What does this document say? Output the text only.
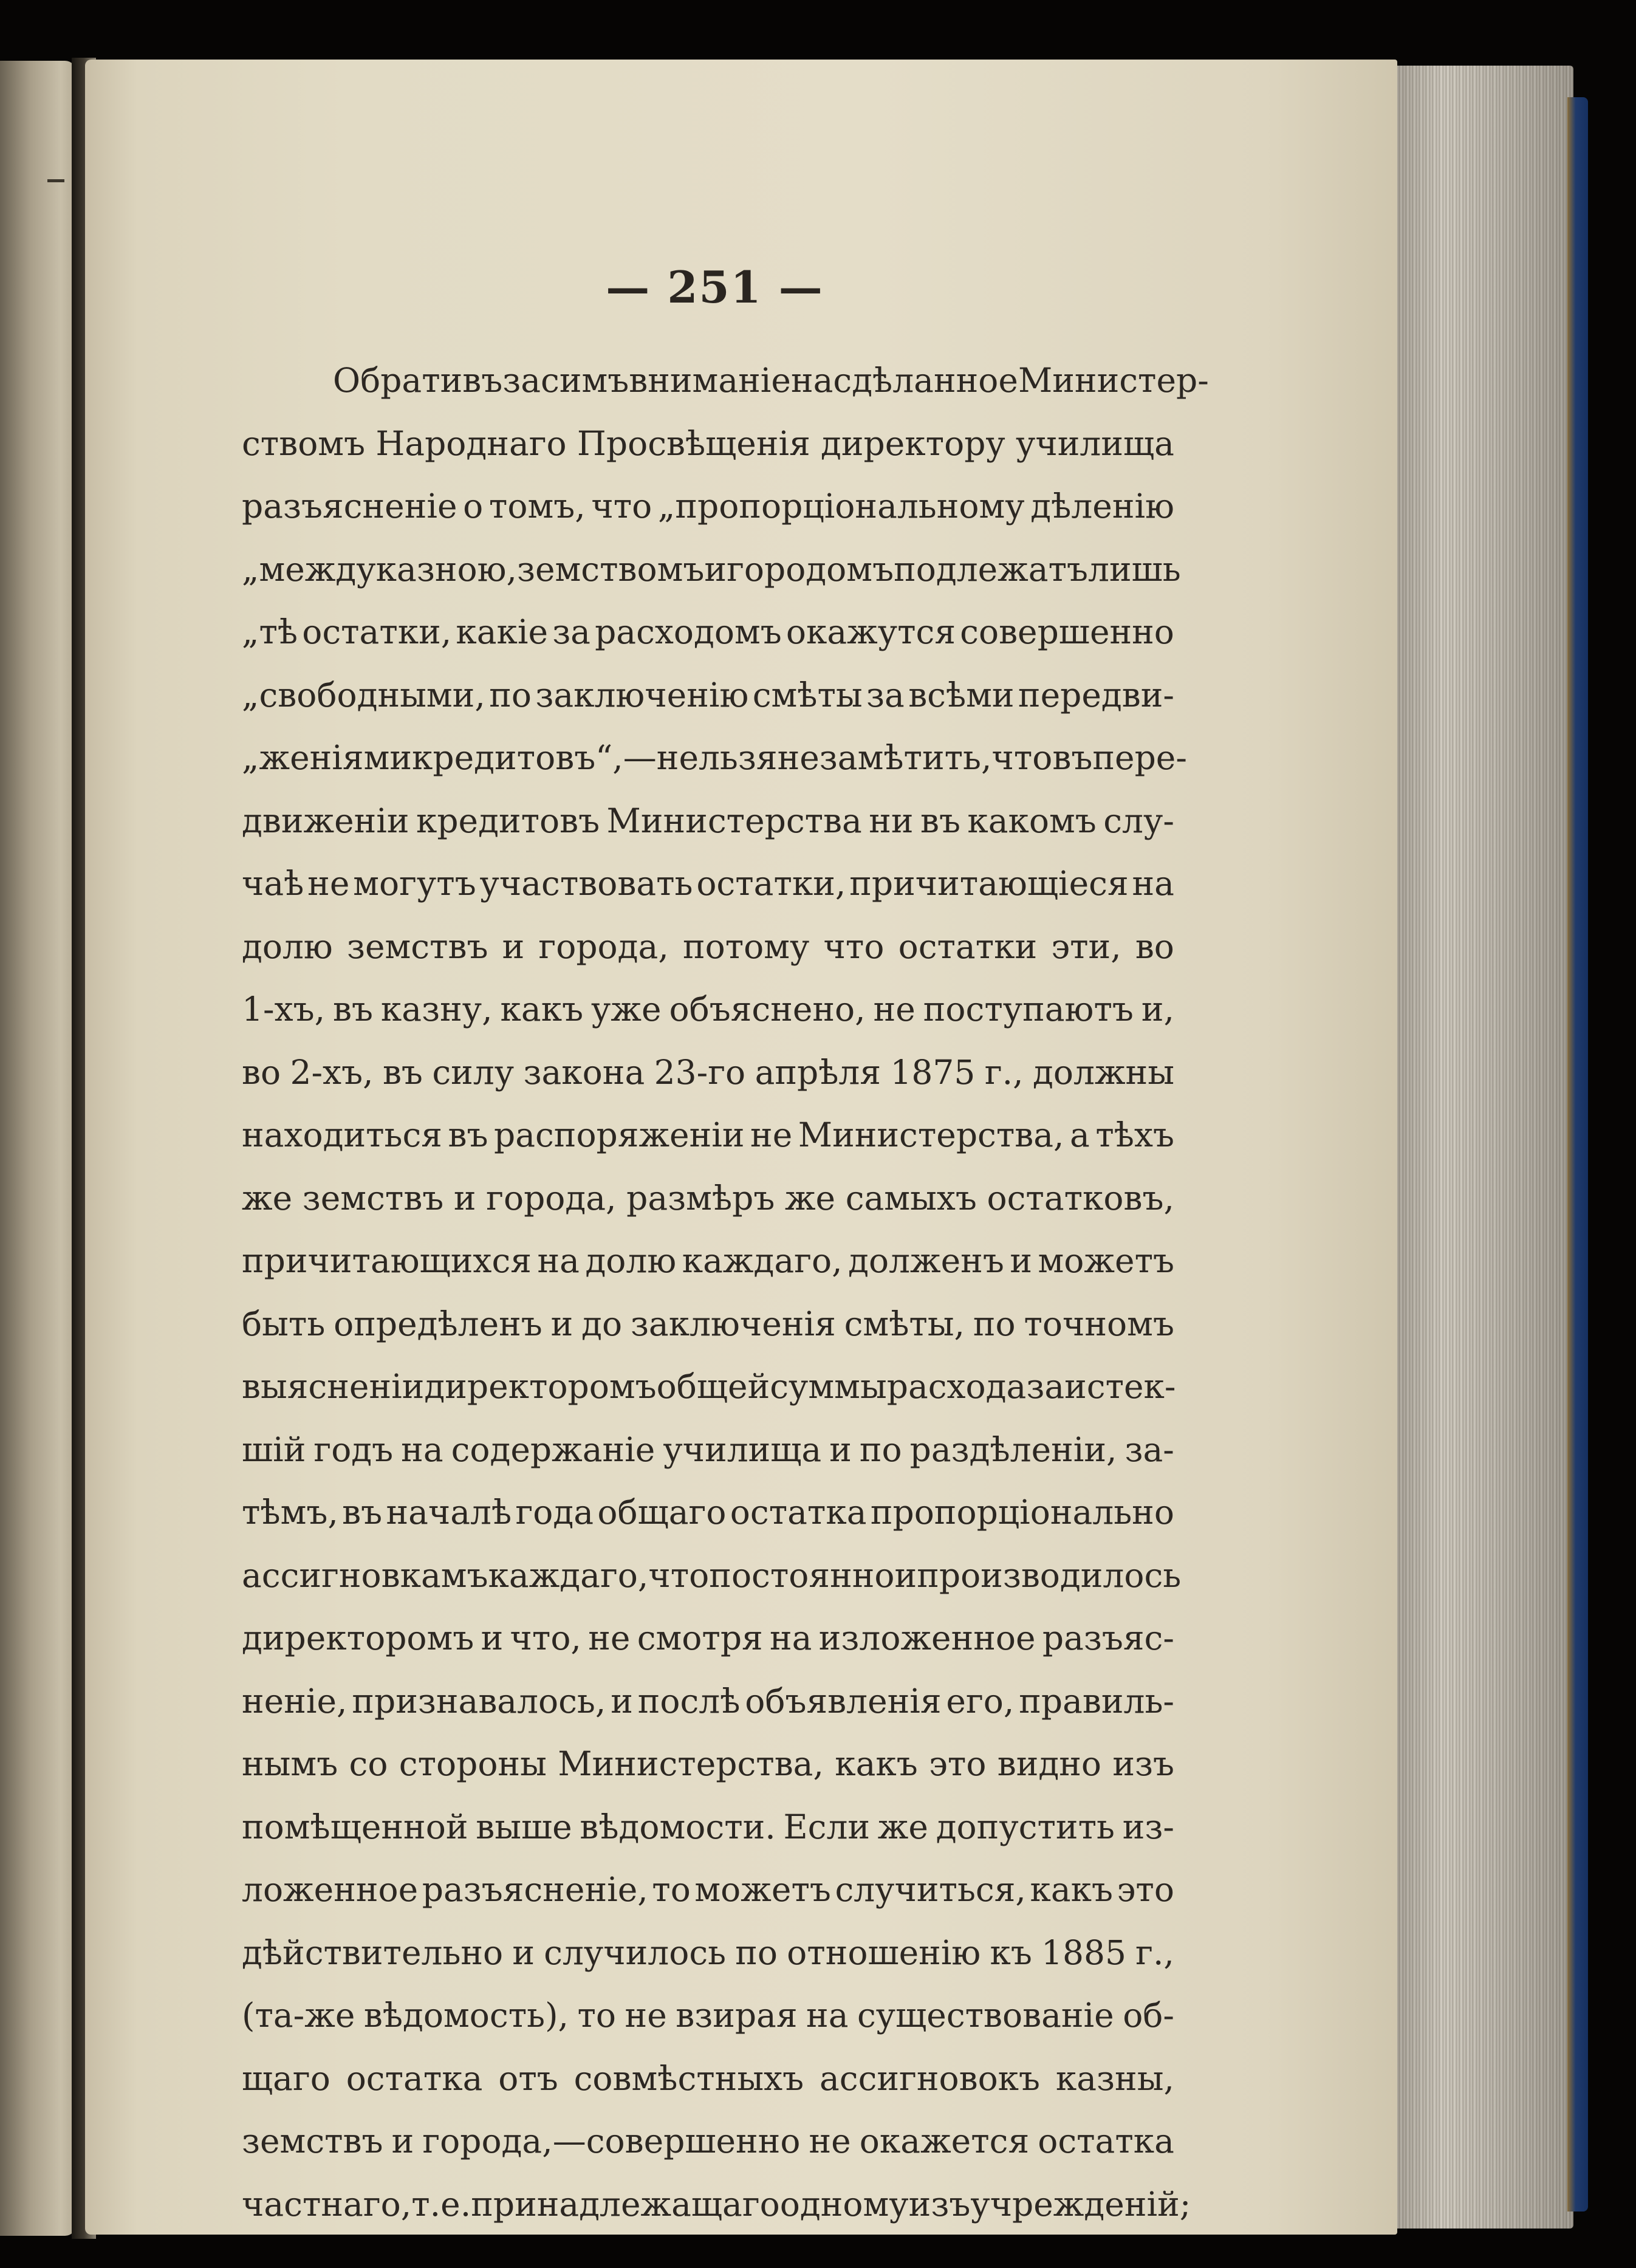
— 251 —
Обративъ за симъ вниманіе на сдѣланное Министер-
ствомъ Народнаго Просвѣщенія директору училища
разъясненіе о томъ, что „пропорціональному дѣленію
„между казною, земствомъ и городомъ подлежатъ лишь
„тѣ остатки, какіе за расходомъ окажутся совершенно
„свободными, по заключенію смѣты за всѣми передви-
„женіями кредитовъ“,—нельзя не замѣтить, что въ пере-
движеніи кредитовъ Министерства ни въ какомъ слу-
чаѣ не могутъ участвовать остатки, причитающіеся на
долю земствъ и города, потому что остатки эти, во
1-хъ, въ казну, какъ уже объяснено, не поступаютъ и,
во 2-хъ, въ силу закона 23-го апрѣля 1875 г., должны
находиться въ распоряженіи не Министерства, а тѣхъ
же земствъ и города, размѣръ же самыхъ остатковъ,
причитающихся на долю каждаго, долженъ и можетъ
быть опредѣленъ и до заключенія смѣты, по точномъ
выясненіи директоромъ общей суммы расхода за истек-
шій годъ на содержаніе училища и по раздѣленіи, за-
тѣмъ, въ началѣ года общаго остатка пропорціонально
ассигновкамъ каждаго, что постоянно и производилось
директоромъ и что, не смотря на изложенное разъяс-
неніе, признавалось, и послѣ объявленія его, правиль-
нымъ со стороны Министерства, какъ это видно изъ
помѣщенной выше вѣдомости. Если же допустить из-
ложенное разъясненіе, то можетъ случиться, какъ это
дѣйствительно и случилось по отношенію къ 1885 г.,
(та-же вѣдомость), то не взирая на существованіе об-
щаго остатка отъ совмѣстныхъ ассигновокъ казны,
земствъ и города,—совершенно не окажется остатка
частнаго, т. е. принадлежащаго одному изъ учрежденій;
